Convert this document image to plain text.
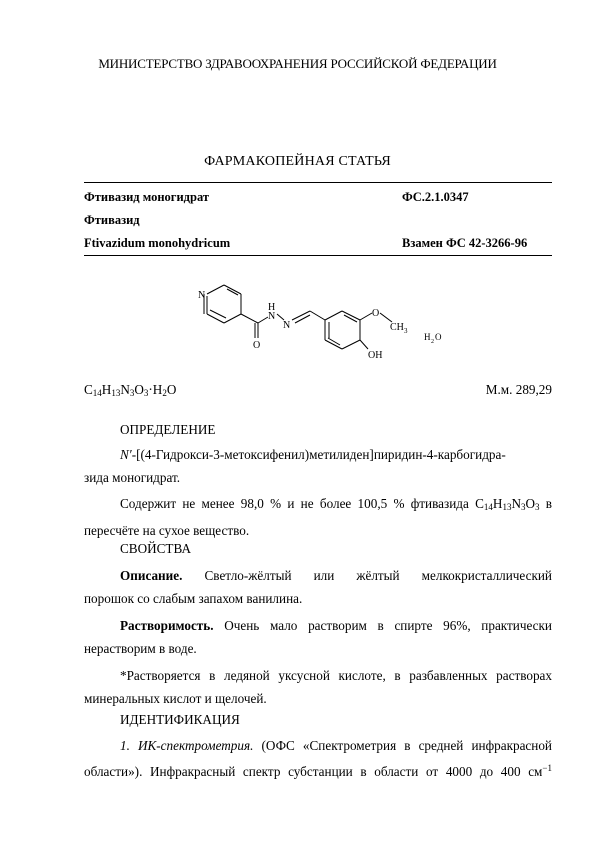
МИНИСТЕРСТВО ЗДРАВООХРАНЕНИЯ РОССИЙСКОЙ ФЕДЕРАЦИИ
ФАРМАКОПЕЙНАЯ СТАТЬЯ
Фтивазид моногидрат	ФС.2.1.0347
Фтивазид
Ftivazidum monohydricum	Взамен ФС 42-3266-96
N
O
H
N
N
O
CH 3
OH
H 2 O
$C_{14}H_{13}N_3O_3\cdot H_2O$	М.м. 289,29
ОПРЕДЕЛЕНИЕ
N′-[(4-Гидрокси-3-метоксифенил)метилиден]пиридин-4-карбогидра-
зида моногидрат.
Содержит не менее 98,0 % и не более 100,5 % фтивазида $C_{14}H_{13}N_3O_3$ в
пересчёте на сухое вещество.
СВОЙСТВА
Описание. Светло-жёлтый или жёлтый мелкокристаллический
порошок со слабым запахом ванилина.
Растворимость. Очень мало растворим в спирте 96%, практически
нерастворим в воде.
*Растворяется в ледяной уксусной кислоте, в разбавленных растворах
минеральных кислот и щелочей.
ИДЕНТИФИКАЦИЯ
1. ИК-спектрометрия. (ОФС «Спектрометрия в средней инфракрасной
области»). Инфракрасный спектр субстанции в области от 4000 до 400 $см^{-1}$
